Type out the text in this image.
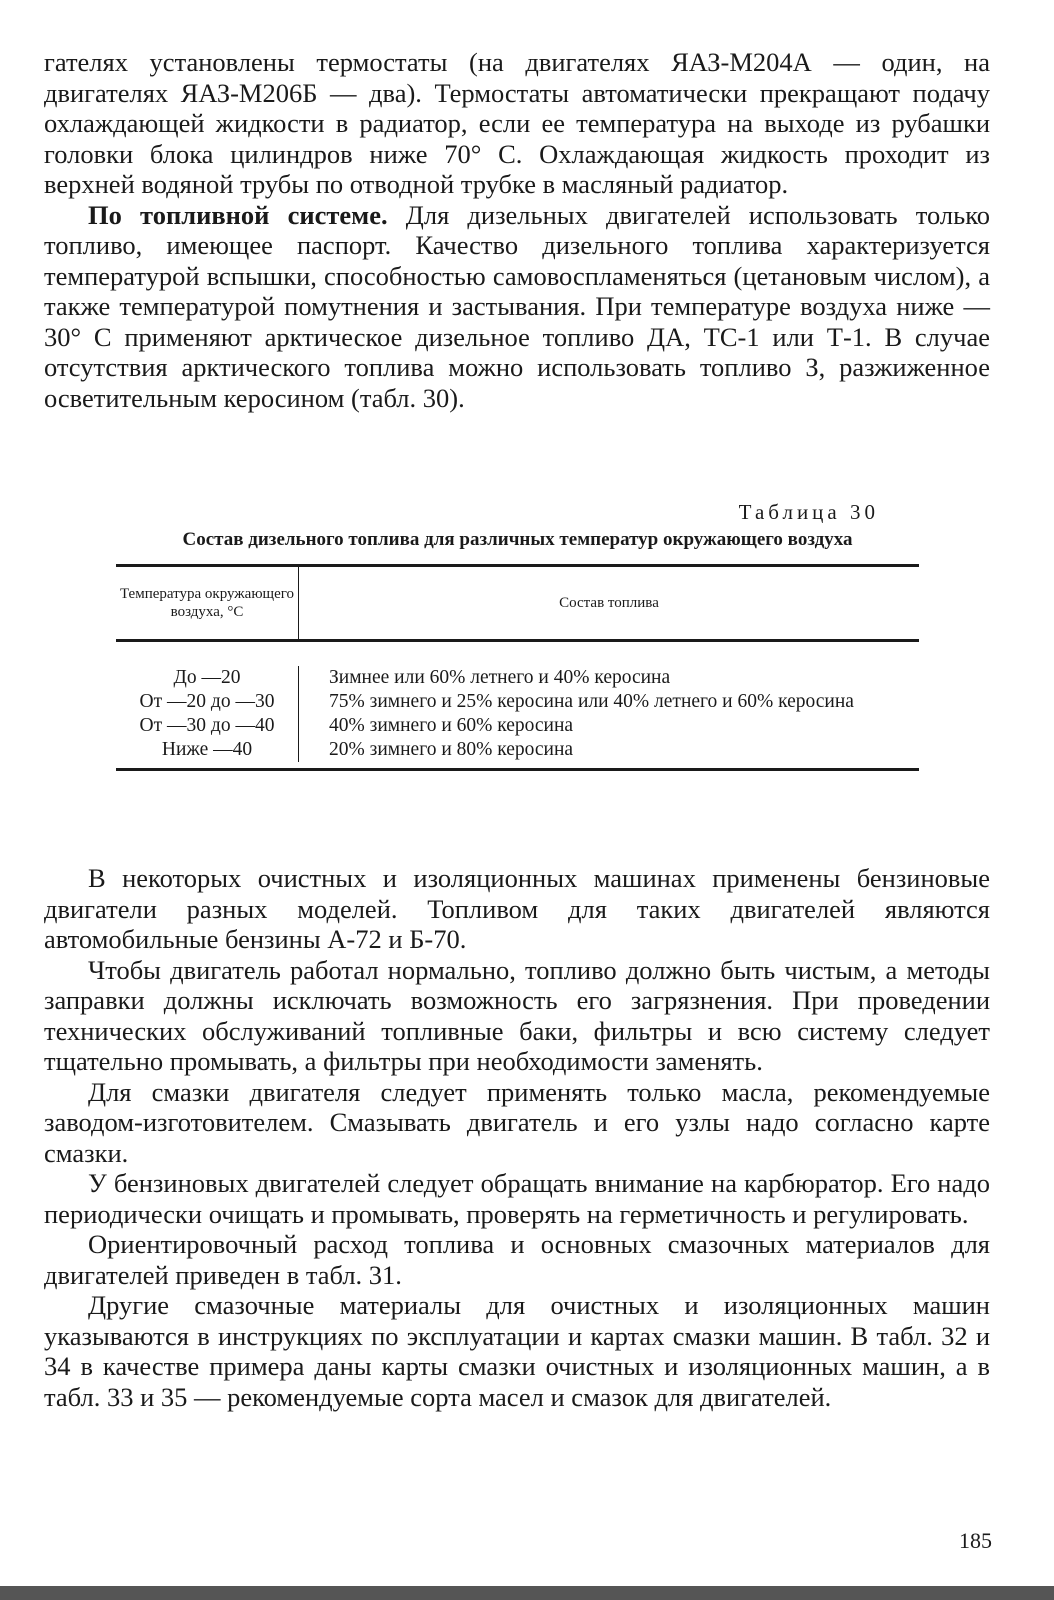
гателях установлены термостаты (на двигателях ЯАЗ-М204А — один, на двигателях ЯАЗ-М206Б — два). Термостаты автоматически прекращают подачу охлаждающей жидкости в радиатор, если ее температура на выходе из рубашки головки блока цилиндров ниже 70° С. Охлаждающая жидкость проходит из верхней водяной трубы по отводной трубке в масляный радиатор.

По топливной системе. Для дизельных двигателей использовать только топливо, имеющее паспорт. Качество дизельного топлива характеризуется температурой вспышки, способностью самовоспламеняться (цетановым числом), а также температурой помутнения и застывания. При температуре воздуха ниже —30° С применяют арктическое дизельное топливо ДА, ТС-1 или Т-1. В случае отсутствия арктического топлива можно использовать топливо З, разжиженное осветительным керосином (табл. 30).

Таблица 30
Состав дизельного топлива для различных температур окружающего воздуха
Температура окружающего воздуха, °С
Состав топлива
До —20	Зимнее или 60% летнего и 40% керосина
От —20 до —30	75% зимнего и 25% керосина или 40% летнего и 60% керосина
От —30 до —40	40% зимнего и 60% керосина
Ниже —40	20% зимнего и 80% керосина

В некоторых очистных и изоляционных машинах применены бензиновые двигатели разных моделей. Топливом для таких двигателей являются автомобильные бензины А-72 и Б-70.

Чтобы двигатель работал нормально, топливо должно быть чистым, а методы заправки должны исключать возможность его загрязнения. При проведении технических обслуживаний топливные баки, фильтры и всю систему следует тщательно промывать, а фильтры при необходимости заменять.

Для смазки двигателя следует применять только масла, рекомендуемые заводом-изготовителем. Смазывать двигатель и его узлы надо согласно карте смазки.

У бензиновых двигателей следует обращать внимание на карбюратор. Его надо периодически очищать и промывать, проверять на герметичность и регулировать.

Ориентировочный расход топлива и основных смазочных материалов для двигателей приведен в табл. 31.

Другие смазочные материалы для очистных и изоляционных машин указываются в инструкциях по эксплуатации и картах смазки машин. В табл. 32 и 34 в качестве примера даны карты смазки очистных и изоляционных машин, а в табл. 33 и 35 — рекомендуемые сорта масел и смазок для двигателей.

185
